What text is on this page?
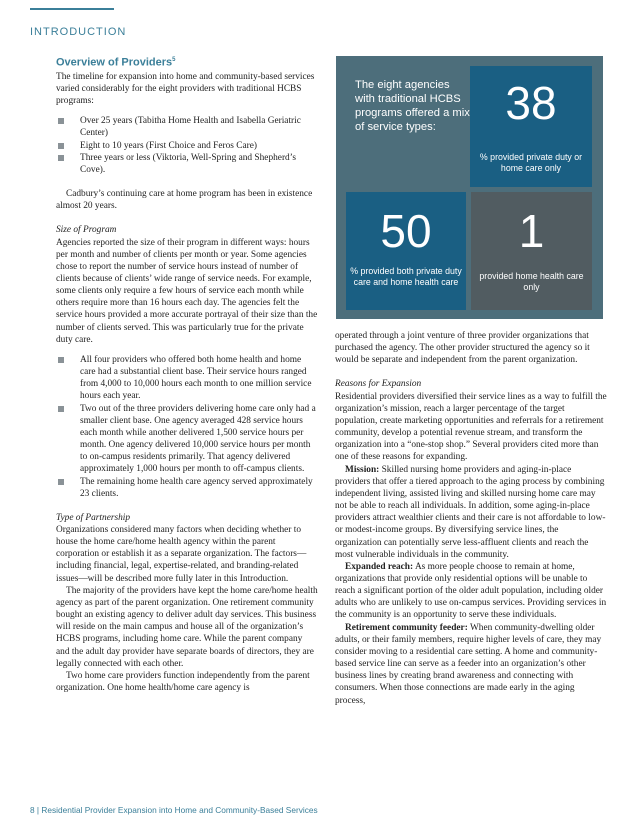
INTRODUCTION

Overview of Providers$^5$

The timeline for expansion into home and community-based services varied considerably for the eight providers with traditional HCBS programs:

Over 25 years (Tabitha Home Health and Isabella Geriatric Center)
Eight to 10 years (First Choice and Feros Care)
Three years or less (Viktoria, Well-Spring and Shepherd’s Cove).

Cadbury’s continuing care at home program has been in existence almost 20 years.

Size of Program

Agencies reported the size of their program in different ways: hours per month and number of clients per month or year. Some agencies chose to report the number of service hours instead of number of clients because of clients’ wide range of service needs. For example, some clients only require a few hours of service each month while others require more than 16 hours each day. The agencies felt the service hours provided a more accurate portrayal of their size than the number of clients served. This was particularly true for the private duty care.

All four providers who offered both home health and home care had a substantial client base. Their service hours ranged from 4,000 to 10,000 hours each month to one million service hours each year.
Two out of the three providers delivering home care only had a smaller client base. One agency averaged 428 service hours each month while another delivered 1,500 service hours per month. One agency delivered 10,000 service hours per month to on-campus residents primarily. That agency delivered approximately 1,000 hours per month to off-campus clients.
The remaining home health care agency served approximately 23 clients.

Type of Partnership

Organizations considered many factors when deciding whether to house the home care/home health agency within the parent corporation or establish it as a separate organization. The factors—including financial, legal, expertise-related, and branding-related issues—will be described more fully later in this Introduction.

The majority of the providers have kept the home care/home health agency as part of the parent organization. One retirement community bought an existing agency to deliver adult day services. This business will reside on the main campus and house all of the organization’s HCBS programs, including home care. While the parent company and the adult day provider have separate boards of directors, they are legally connected with each other.

Two home care providers function independently from the parent organization. One home health/home care agency is

The eight agencies with traditional HCBS programs offered a mix of service types:	38
% provided private duty or home care only
50
% provided both private duty care and home health care
1
provided home health care only

operated through a joint venture of three provider organizations that purchased the agency. The other provider structured the agency so it would be separate and independent from the parent organization.

Reasons for Expansion

Residential providers diversified their service lines as a way to fulfill the organization’s mission, reach a larger percentage of the target population, create marketing opportunities and referrals for a retirement community, develop a potential revenue stream, and transform the organization into a “one-stop shop.” Several providers cited more than one of these reasons for expanding.

Mission: Skilled nursing home providers and aging-in-place providers that offer a tiered approach to the aging process by combining independent living, assisted living and skilled nursing home care may not be able to reach all individuals. In addition, some aging-in-place providers attract wealthier clients and their care is not affordable to low- or modest-income groups. By diversifying service lines, the organization can potentially serve less-affluent clients and reach the most vulnerable individuals in the community.

Expanded reach: As more people choose to remain at home, organizations that provide only residential options will be unable to reach a significant portion of the older adult population, including older adults who are unlikely to use on-campus services. Providing services in the community is an opportunity to serve these individuals.

Retirement community feeder: When community-dwelling older adults, or their family members, require higher levels of care, they may consider moving to a residential care setting. A home and community-based service line can serve as a feeder into an organization’s other business lines by creating brand awareness and connecting with consumers. When those connections are made early in the aging process,

8 | Residential Provider Expansion into Home and Community-Based Services
